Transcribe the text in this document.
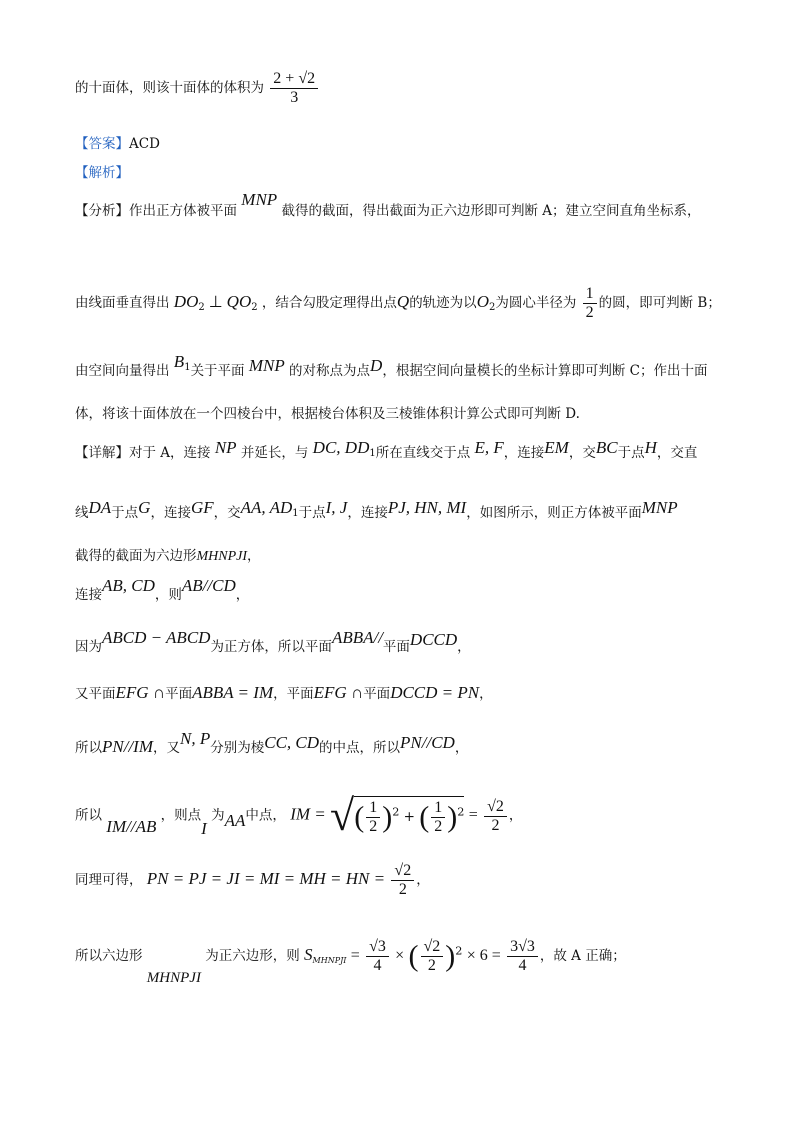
的十面体，则该十面体的体积为 $\frac{2 + √2}{3}$
【答案】ACD
【解析】
【分析】作出正方体被平面 MNP 截得的截面，得出截面为正六边形即可判断 A；建立空间直角坐标系，
由线面垂直得出 $DO_2$ ⊥ $QO_2$ ，结合勾股定理得出点Q的轨迹为以$O_2$为圆心半径为 $\frac{1}{2}$ 的圆，即可判断 B；
由空间向量得出 $B_1$关于平面 MNP 的对称点为点D，根据空间向量模长的坐标计算即可判断 C；作出十面
体，将该十面体放在一个四棱台中，根据棱台体积及三棱锥体积计算公式即可判断 D.
【详解】对于 A，连接 NP 并延长，与 DC, $DD_1$所在直线交于点 E, F，连接EM，交BC于点H，交直
线DA于点G，连接GF，交AA, $AD_1$于点I, J，连接PJ, HN, MI，如图所示，则正方体被平面MNP
截得的截面为六边形MHNPJI，
连接AB, CD，则AB//CD，
因为ABCD − ABCD为正方体，所以平面ABBA//平面DCCD，
又平面EFG ∩平面ABBA = IM，平面EFG ∩平面DCCD = PN，
所以PN//IM，又N, P分别为棱CC, CD的中点，所以PN//CD，
所以 IM//AB ，则点I 为AA中点， IM = √( $\frac{1}{2} )^2$ + ( $\frac{1}{2} )^2 = \frac{√2}{2}$ ，
同理可得， PN = PJ = JI = MI = MH = HN = $\frac{√2}{2}$ ，
所以六边形 MHNPJI 为正六边形，则 $S_{MHNPJI} = \frac{√3}{4}$ × ( $\frac{√2}{2} )^2 \times 6 = \frac{3√3}{4}$ ，故 A 正确；
